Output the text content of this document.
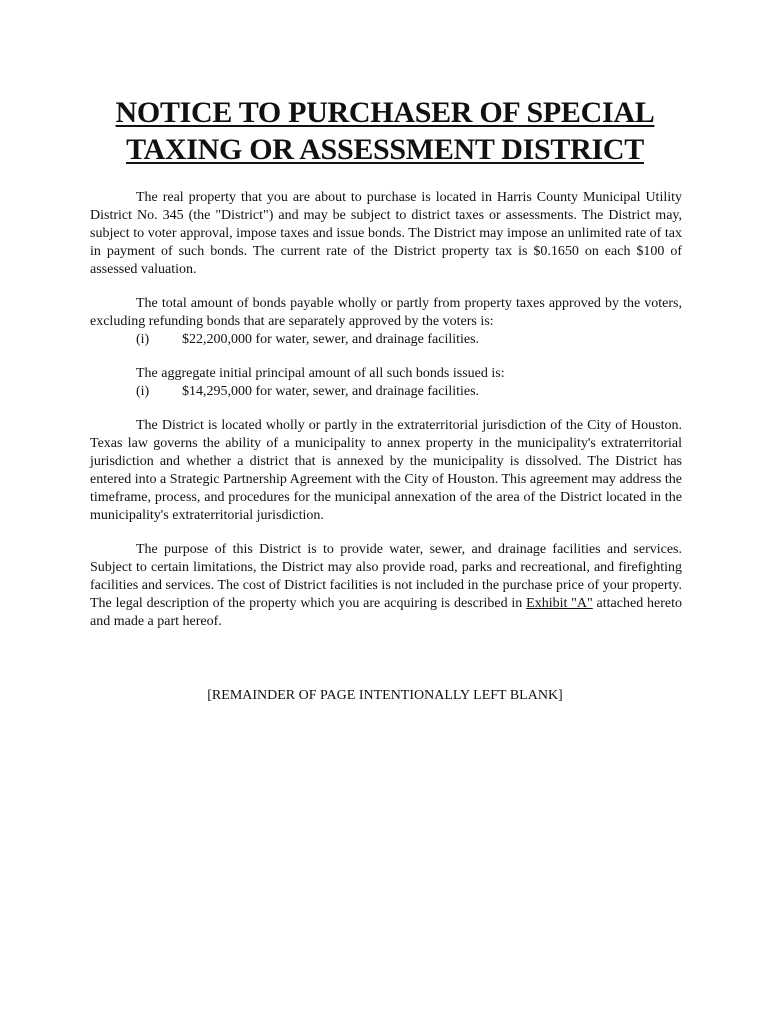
NOTICE TO PURCHASER OF SPECIAL
TAXING OR ASSESSMENT DISTRICT

The real property that you are about to purchase is located in Harris County Municipal Utility District No. 345 (the "District") and may be subject to district taxes or assessments. The District may, subject to voter approval, impose taxes and issue bonds. The District may impose an unlimited rate of tax in payment of such bonds. The current rate of the District property tax is $0.1650 on each $100 of assessed valuation.

The total amount of bonds payable wholly or partly from property taxes approved by the voters, excluding refunding bonds that are separately approved by the voters is:

(i)	$22,200,000 for water, sewer, and drainage facilities.

The aggregate initial principal amount of all such bonds issued is:

(i)	$14,295,000 for water, sewer, and drainage facilities.

The District is located wholly or partly in the extraterritorial jurisdiction of the City of Houston. Texas law governs the ability of a municipality to annex property in the municipality's extraterritorial jurisdiction and whether a district that is annexed by the municipality is dissolved. The District has entered into a Strategic Partnership Agreement with the City of Houston. This agreement may address the timeframe, process, and procedures for the municipal annexation of the area of the District located in the municipality's extraterritorial jurisdiction.

The purpose of this District is to provide water, sewer, and drainage facilities and services. Subject to certain limitations, the District may also provide road, parks and recreational, and firefighting facilities and services. The cost of District facilities is not included in the purchase price of your property. The legal description of the property which you are acquiring is described in Exhibit "A" attached hereto and made a part hereof.

[REMAINDER OF PAGE INTENTIONALLY LEFT BLANK]
